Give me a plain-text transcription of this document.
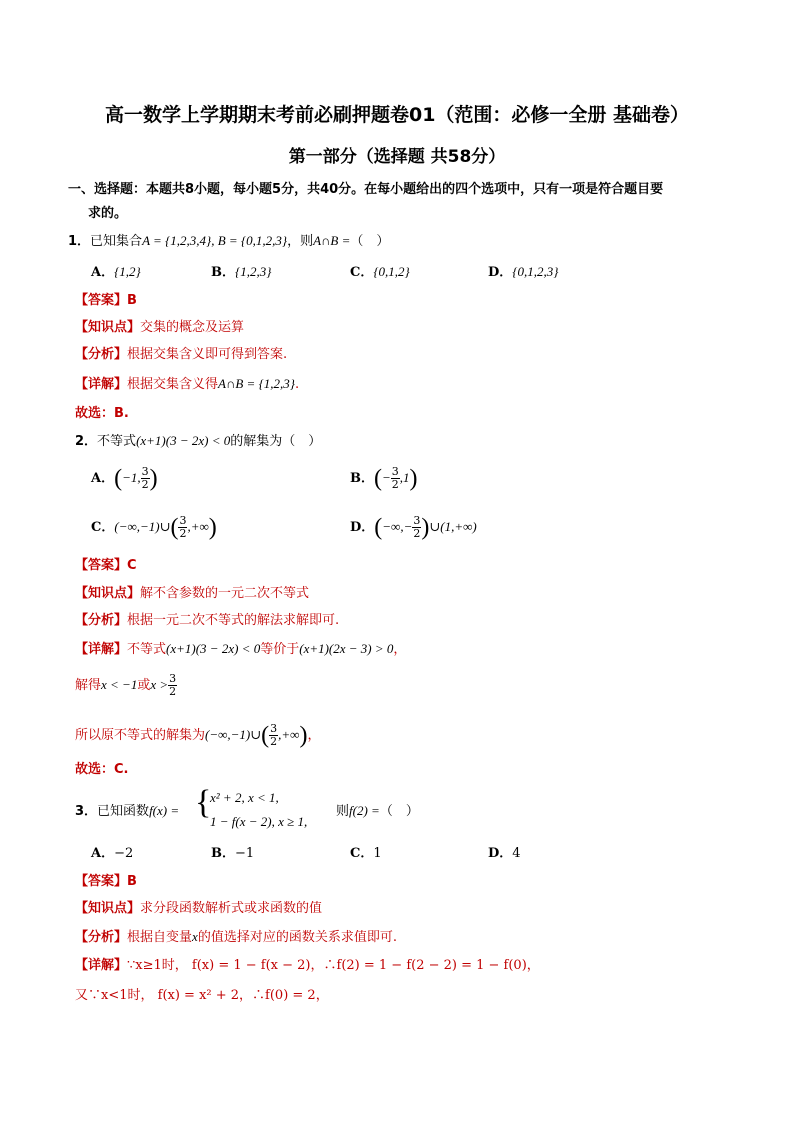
高一数学上学期期末考前必刷押题卷01（范围：必修一全册 基础卷）
第一部分（选择题 共58分）
一、选择题：本题共8小题，每小题5分，共40分。在每小题给出的四个选项中，只有一项是符合题目要
求的。
1．已知集合A = {1,2,3,4}, B = {0,1,2,3}，则A∩B =（　）
A．{1,2}	B．{1,2,3}	C．{0,1,2}	D．{0,1,2,3}
【答案】B
【知识点】交集的概念及运算
【分析】根据交集含义即可得到答案.
【详解】根据交集含义得A∩B = {1,2,3}.
故选：B.
2．不等式(x+1)(3 − 2x) < 0的解集为（　）
A．(−1, $\frac{3}{2}$ )	B．(− $\frac{3}{2} ,1$)
C．(−∞,−1)∪( $\frac{3}{2}$ ,+∞)	D．(−∞,− $\frac{3}{2}$ )∪(1,+∞)
【答案】C
【知识点】解不含参数的一元二次不等式
【分析】根据一元二次不等式的解法求解即可.
【详解】不等式(x+1)(3 − 2x) < 0等价于(x+1)(2x − 3) > 0，
解得x < −1或$x > \frac{3}{2}$
所以原不等式的解集为(−∞,−1)∪( $\frac{3}{2}$ ,+∞)，
故选：C.
3．已知函数f(x) = {
x² + 2, x < 1,
1 − f(x − 2), x ≥ 1,
则f(2) =（　）
A．−2	B．−1	C．1	D．4
【答案】B
【知识点】求分段函数解析式或求函数的值
【分析】根据自变量x的值选择对应的函数关系求值即可.
【详解】∵x≥1时， f(x) = 1 − f(x − 2)，∴f(2) = 1 − f(2 − 2) = 1 − f(0)，
又∵x<1时， f(x) = x² + 2，∴f(0) = 2，
